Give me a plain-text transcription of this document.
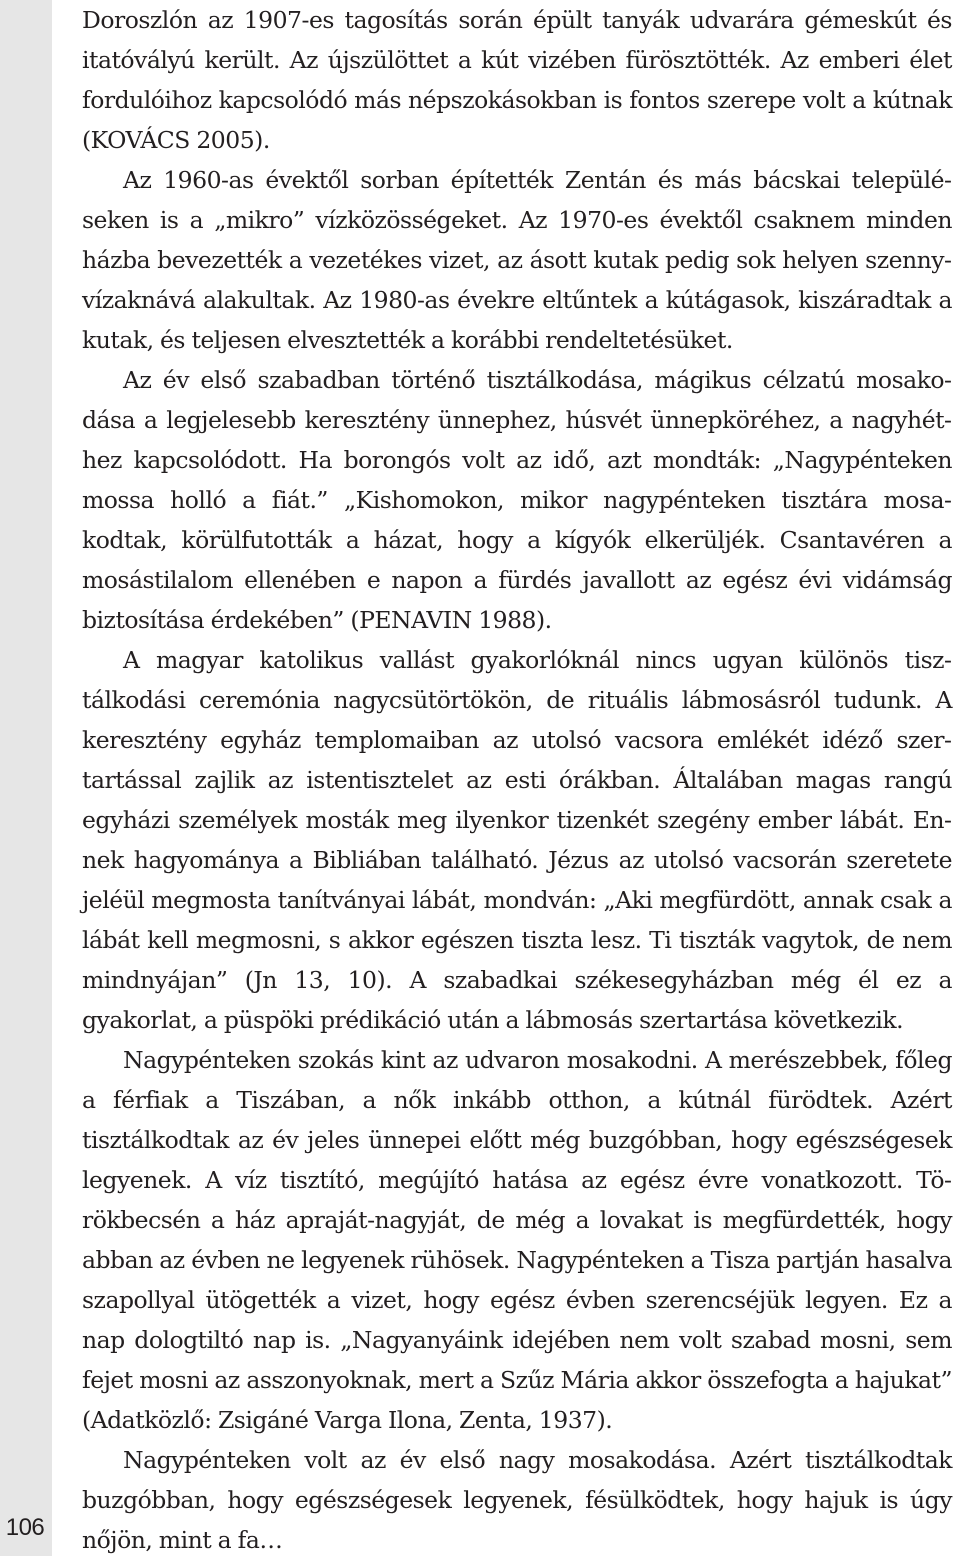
106

Doroszlón az 1907-es tagosítás során épült tanyák udvarára gémeskút és itatóvályú került. Az újszülöttet a kút vizében fürösztötték. Az emberi élet fordulóihoz kapcsolódó más népszokásokban is fontos szerepe volt a kútnak (KOVÁCS 2005).

Az 1960-as évektől sorban építették Zentán és más bácskai településeken is a „mikro” vízközösségeket. Az 1970-es évektől csaknem minden házba bevezették a vezetékes vizet, az ásott kutak pedig sok helyen szennyvízaknává alakultak. Az 1980-as évekre eltűntek a kútágasok, kiszáradtak a kutak, és teljesen elvesztették a korábbi rendeltetésüket.

Az év első szabadban történő tisztálkodása, mágikus célzatú mosakodása a legjelesebb keresztény ünnephez, húsvét ünnepköréhez, a nagyhéthez kapcsolódott. Ha borongós volt az idő, azt mondták: „Nagypénteken mossa holló a fiát.” „Kishomokon, mikor nagypénteken tisztára mosakodtak, körülfutották a házat, hogy a kígyók elkerüljék. Csantavéren a mosástilalom ellenében e napon a fürdés javallott az egész évi vidámság biztosítása érdekében” (PENAVIN 1988).

A magyar katolikus vallást gyakorlóknál nincs ugyan különös tisztálkodási ceremónia nagycsütörtökön, de rituális lábmosásról tudunk. A keresztény egyház templomaiban az utolsó vacsora emlékét idéző szertartással zajlik az istentisztelet az esti órákban. Általában magas rangú egyházi személyek mosták meg ilyenkor tizenkét szegény ember lábát. Ennek hagyománya a Bibliában található. Jézus az utolsó vacsorán szeretete jeléül megmosta tanítványai lábát, mondván: „Aki megfürdött, annak csak a lábát kell megmosni, s akkor egészen tiszta lesz. Ti tiszták vagytok, de nem mindnyájan” (Jn 13, 10). A szabadkai székesegyházban még él ez a gyakorlat, a püspöki prédikáció után a lábmosás szertartása következik.

Nagypénteken szokás kint az udvaron mosakodni. A merészebbek, főleg a férfiak a Tiszában, a nők inkább otthon, a kútnál fürödtek. Azért tisztálkodtak az év jeles ünnepei előtt még buzgóbban, hogy egészségesek legyenek. A víz tisztító, megújító hatása az egész évre vonatkozott. Törökbecsén a ház apraját-nagyját, de még a lovakat is megfürdették, hogy abban az évben ne legyenek rühösek. Nagypénteken a Tisza partján hasalva szapollyal ütögették a vizet, hogy egész évben szerencséjük legyen. Ez a nap dologtiltó nap is. „Nagyanyáink idejében nem volt szabad mosni, sem fejet mosni az asszonyoknak, mert a Szűz Mária akkor összefogta a hajukat” (Adatközlő: Zsigáné Varga Ilona, Zenta, 1937).

Nagypénteken volt az év első nagy mosakodása. Azért tisztálkodtak buzgóbban, hogy egészségesek legyenek, fésülködtek, hogy hajuk is úgy nőjön, mint a fa…
